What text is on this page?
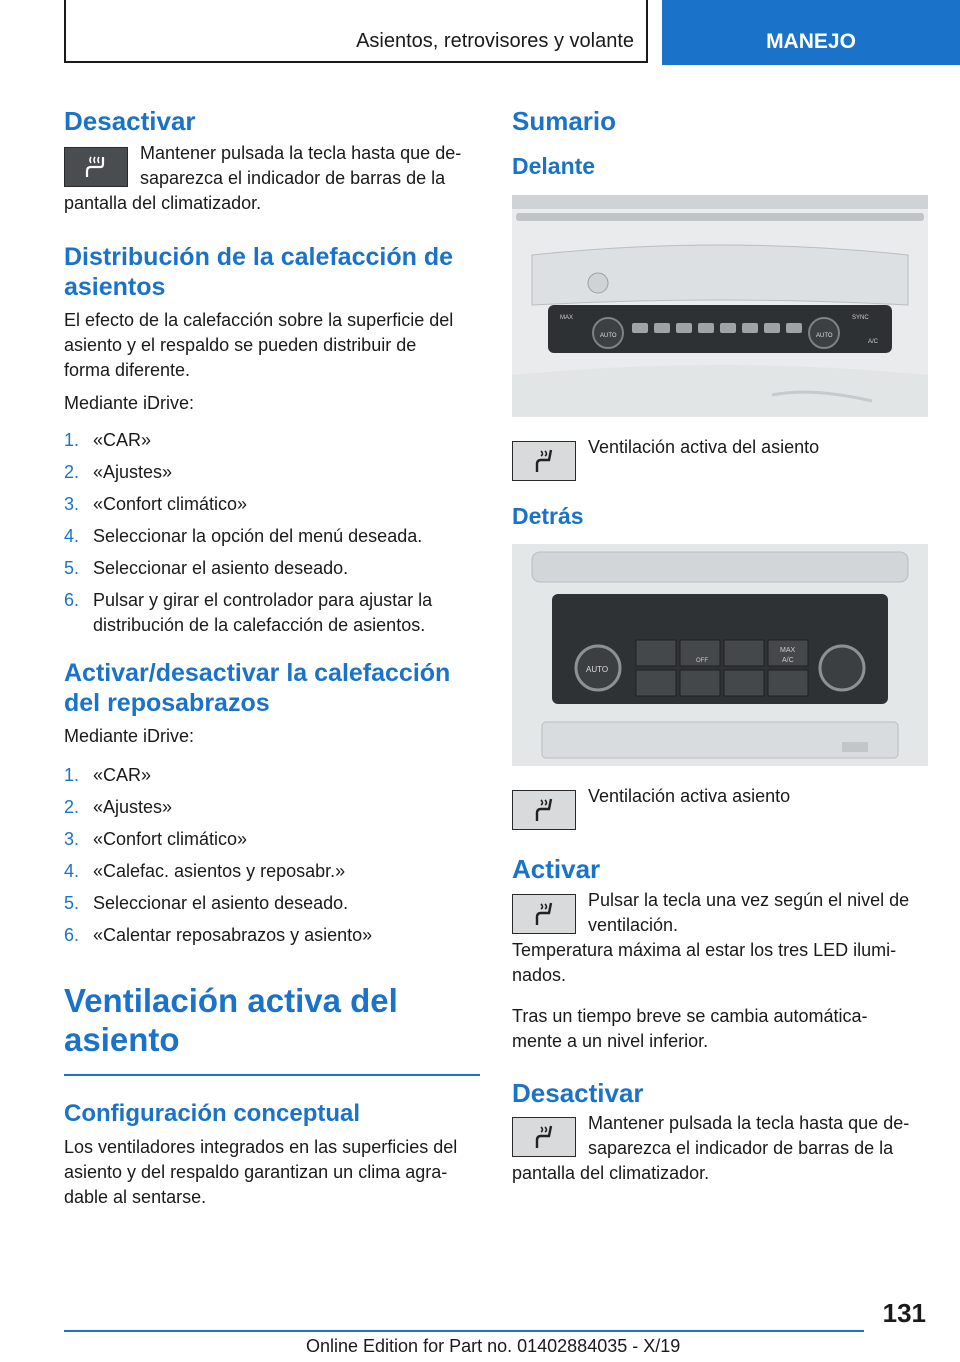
Asientos, retrovisores y volante	MANEJO
Desactivar

Mantener pulsada la tecla hasta que de-

saparezca el indicador de barras de la

pantalla del climatizador.

Distribución de la calefacción de
asientos

El efecto de la calefacción sobre la superficie del

asiento y el respaldo se pueden distribuir de

forma diferente.

Mediante iDrive:

1. «CAR»
2. «Ajustes»
3. «Confort climático»
4. Seleccionar la opción del menú deseada.
5. Seleccionar el asiento deseado.
6. Pulsar y girar el controlador para ajustar la
distribución de la calefacción de asientos.
Activar/desactivar la calefacción
del reposabrazos

Mediante iDrive:

1. «CAR»
2. «Ajustes»
3. «Confort climático»
4. «Calefac. asientos y reposabr.»
5. Seleccionar el asiento deseado.
6. «Calentar reposabrazos y asiento»
Ventilación activa del
asiento
Configuración conceptual

Los ventiladores integrados en las superficies del

asiento y del respaldo garantizan un clima agra-

dable al sentarse.

Sumario
Delante
MAX
AUTO	AUTO
SYNC
A/C

Ventilación activa del asiento

Detrás
AUTO
OFF
MAX
A/C

Ventilación activa asiento

Activar

Pulsar la tecla una vez según el nivel de

ventilación.

Temperatura máxima al estar los tres LED ilumi-

nados.

Tras un tiempo breve se cambia automática-

mente a un nivel inferior.

Desactivar

Mantener pulsada la tecla hasta que de-

saparezca el indicador de barras de la

pantalla del climatizador.

131
Online Edition for Part no. 01402884035 - X/19
